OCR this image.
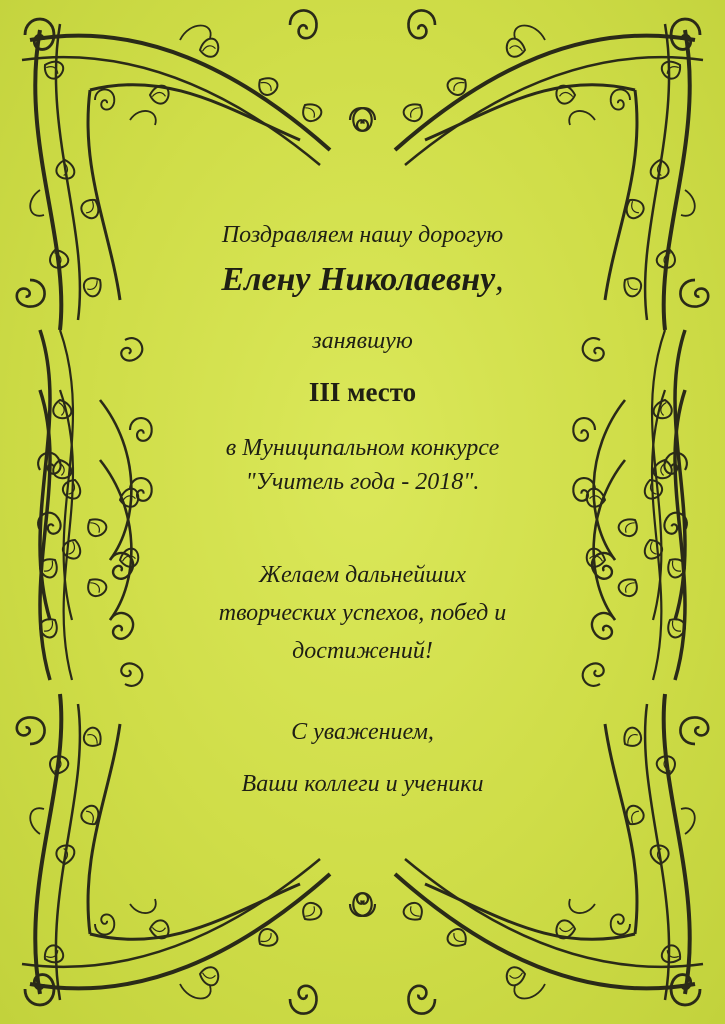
Поздравляем нашу дорогую
Елену Николаевну,
занявшую
III место
в Муниципальном конкурсе
"Учитель года - 2018".
Желаем дальнейших
творческих успехов, побед и
достижений!
С уважением,
Ваши коллеги и ученики
